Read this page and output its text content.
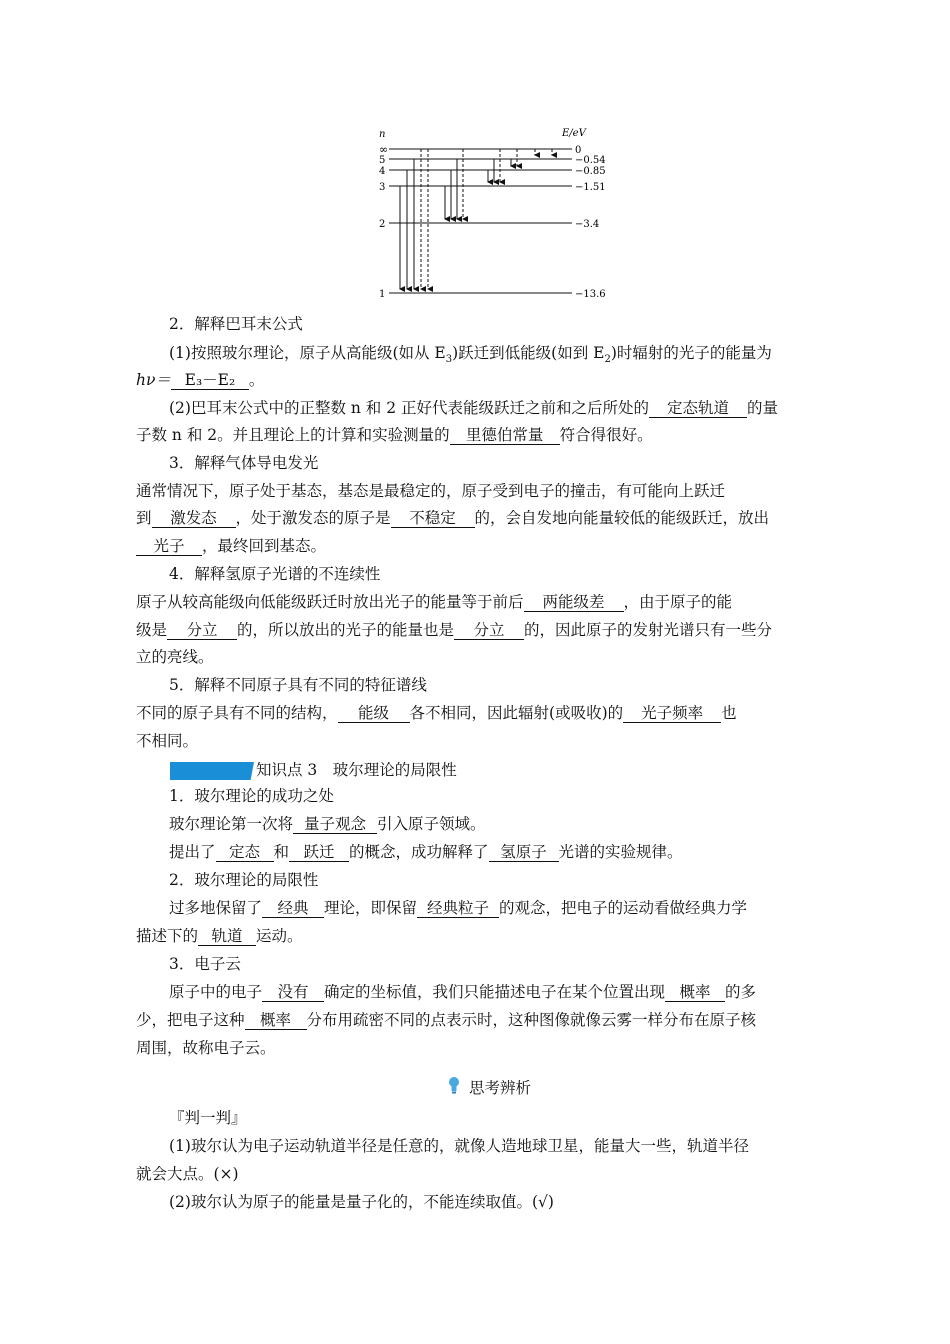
n	E/eV
∞	0
5	−0.54
4	−0.85
3	−1.51
2	−3.4
1	−13.6
2．解释巴耳末公式
(1)按照玻尔理论，原子从高能级(如从 $E_3$)跃迁到低能级(如到 $E_2$)时辐射的光子的能量为
hν＝ E₃－E₂ 。
(2)巴耳末公式中的正整数 n 和 2 正好代表能级跃迁之前和之后所处的 定态轨道 的量
子数 n 和 2。并且理论上的计算和实验测量的 里德伯常量 符合得很好。
3．解释气体导电发光
通常情况下，原子处于基态，基态是最稳定的，原子受到电子的撞击，有可能向上跃迁
到 激发态 ，处于激发态的原子是 不稳定 的，会自发地向能量较低的能级跃迁，放出
光子 ，最终回到基态。
4．解释氢原子光谱的不连续性
原子从较高能级向低能级跃迁时放出光子的能量等于前后 两能级差 ，由于原子的能
级是 分立 的，所以放出的光子的能量也是 分立 的，因此原子的发射光谱只有一些分
立的亮线。
5．解释不同原子具有不同的特征谱线
不同的原子具有不同的结构， 能级 各不相同，因此辐射(或吸收)的 光子频率 也
不相同。
知识点 3　玻尔理论的局限性
1．玻尔理论的成功之处
玻尔理论第一次将 量子观念 引入原子领域。
提出了 定态 和 跃迁 的概念，成功解释了 氢原子 光谱的实验规律。
2．玻尔理论的局限性
过多地保留了 经典 理论，即保留 经典粒子 的观念，把电子的运动看做经典力学
描述下的 轨道 运动。
3．电子云
原子中的电子 没有 确定的坐标值，我们只能描述电子在某个位置出现 概率 的多
少，把电子这种 概率 分布用疏密不同的点表示时，这种图像就像云雾一样分布在原子核
周围，故称电子云。
思考辨析
『判一判』
(1)玻尔认为电子运动轨道半径是任意的，就像人造地球卫星，能量大一些，轨道半径
就会大点。(×)
(2)玻尔认为原子的能量是量子化的，不能连续取值。(√)
